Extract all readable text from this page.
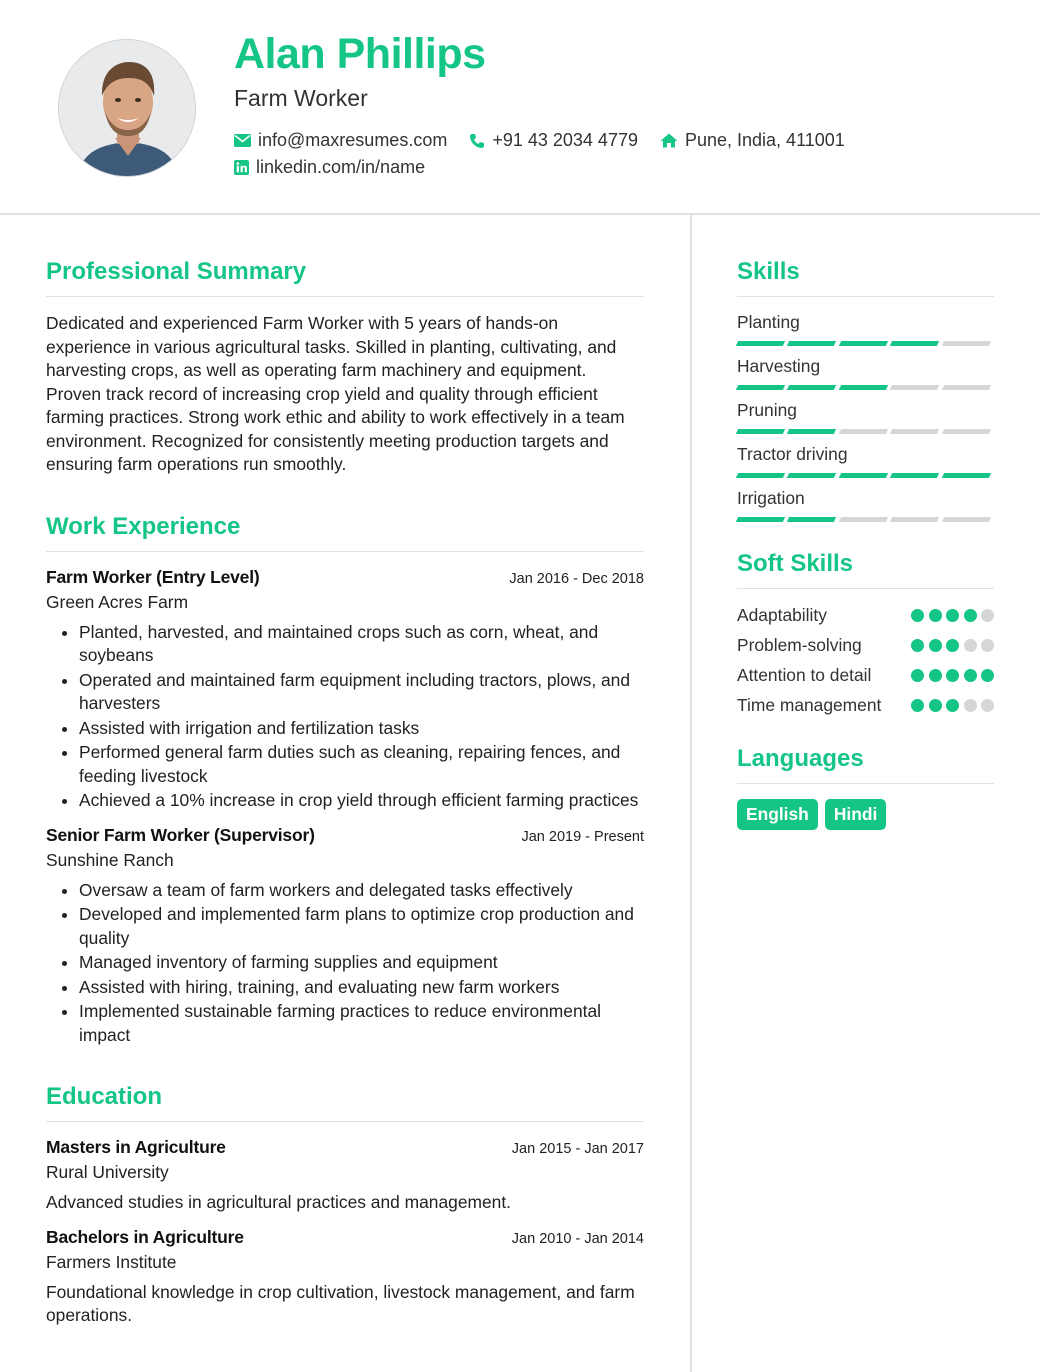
Alan Phillips
Farm Worker
info@maxresumes.com	+91 43 2034 4779	Pune, India, 411001
linkedin.com/in/name
Professional Summary

Dedicated and experienced Farm Worker with 5 years of hands-on experience in various agricultural tasks. Skilled in planting, cultivating, and harvesting crops, as well as operating farm machinery and equipment. Proven track record of increasing crop yield and quality through efficient farming practices. Strong work ethic and ability to work effectively in a team environment. Recognized for consistently meeting production targets and ensuring farm operations run smoothly.

Work Experience
Farm Worker (Entry Level)	Jan 2016 - Dec 2018
Green Acres Farm
Planted, harvested, and maintained crops such as corn, wheat, and soybeans
Operated and maintained farm equipment including tractors, plows, and harvesters
Assisted with irrigation and fertilization tasks
Performed general farm duties such as cleaning, repairing fences, and feeding livestock
Achieved a 10% increase in crop yield through efficient farming practices
Senior Farm Worker (Supervisor)	Jan 2019 - Present
Sunshine Ranch
Oversaw a team of farm workers and delegated tasks effectively
Developed and implemented farm plans to optimize crop production and quality
Managed inventory of farming supplies and equipment
Assisted with hiring, training, and evaluating new farm workers
Implemented sustainable farming practices to reduce environmental impact
Education
Masters in Agriculture	Jan 2015 - Jan 2017
Rural University

Advanced studies in agricultural practices and management.

Bachelors in Agriculture	Jan 2010 - Jan 2014
Farmers Institute

Foundational knowledge in crop cultivation, livestock management, and farm operations.

Skills
Planting
Harvesting
Pruning
Tractor driving
Irrigation
Soft Skills
Adaptability
Problem-solving
Attention to detail
Time management
Languages
English	Hindi
